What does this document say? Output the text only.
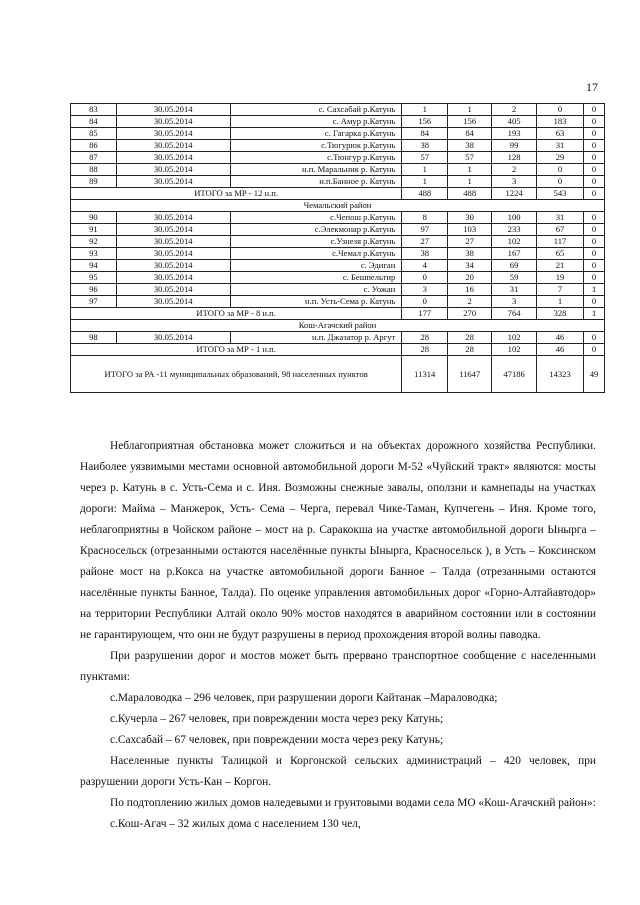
17
83	30.05.2014	с. Сахсабай р.Катунь	1	1	2	0	0
84	30.05.2014	с. Амур р.Катунь	156	156	405	183	0
85	30.05.2014	с. Гагарка р.Катунь	84	84	193	63	0
86	30.05.2014	с.Тюгурюк р.Катунь	38	38	99	31	0
87	30.05.2014	с.Тюнгур р.Катунь	57	57	128	29	0
88	30.05.2014	н.п. Маральник р. Катунь	1	1	2	0	0
89	30.05.2014	н.п.Банное р. Катунь	1	1	3	0	0
ИТОГО за МР - 12 н.п.			488	488	1224	543	0
Чемальский район							
90	30.05.2014	с.Чепош р.Катунь	8	30	100	31	0
91	30.05.2014	с.Элекмонар р.Катунь	97	103	233	67	0
92	30.05.2014	с.Узнезя р.Катунь	27	27	102	117	0
93	30.05.2014	с.Чемал р.Катунь	38	38	167	65	0
94	30.05.2014	с. Эдиган	4	34	69	21	0
95	30.05.2014	с. Бешпельтир	0	20	59	19	0
96	30.05.2014	с. Уожан	3	16	31	7	1
97	30.05.2014	н.п. Усть-Сема р. Катунь	0	2	3	1	0
ИТОГО за МР - 8 н.п.			177	270	764	328	1
Кош-Агачский район							
98	30.05.2014	н.п. Джазатор р. Аргут	28	28	102	46	0
ИТОГО за МР - 1 н.п.			28	28	102	46	0
ИТОГО за РА -11 муниципальных образований, 98 населенных пунктов			11314	11647	47186	14323	49

Неблагоприятная обстановка может сложиться и на объектах дорожного хозяйства Республики. Наиболее уязвимыми местами основной автомобильной дороги М-52 «Чуйский тракт» являются: мосты через р. Катунь в с. Усть-Сема и с. Иня. Возможны снежные завалы, оползни и камнепады на участках дороги: Майма – Манжерок, Усть- Сема – Черга, перевал Чике-Таман, Купчегень – Иня. Кроме того, неблагоприятны в Чойском районе – мост на р. Саракокша на участке автомобильной дороги Ынырга – Красносельск (отрезанными остаются населённые пункты Ынырга, Красносельск ), в Усть – Коксинском районе мост на р.Кокса на участке автомобильной дороги Банное – Талда (отрезанными остаются населённые пункты Банное, Талда). По оценке управления автомобильных дорог «Горно-Алтайавтодор» на территории Республики Алтай около 90% мостов находятся в аварийном состоянии или в состоянии не гарантирующем, что они не будут разрушены в период прохождения второй волны паводка.

При разрушении дорог и мостов может быть прервано транспортное сообщение с населенными пунктами:

с.Мараловодка – 296 человек, при разрушении дороги Кайтанак –Мараловодка;

с.Кучерла – 267 человек, при повреждении моста через реку Катунь;

с.Сахсабай – 67 человек, при повреждении моста через реку Катунь;

Населенные пункты Талицкой и Коргонской сельских администраций – 420 человек, при разрушении дороги Усть-Кан – Коргон.

По подтоплению жилых домов наледевыми и грунтовыми водами села МО «Кош-Агачский район»:

с.Кош-Агач – 32 жилых дома с населением 130 чел,
